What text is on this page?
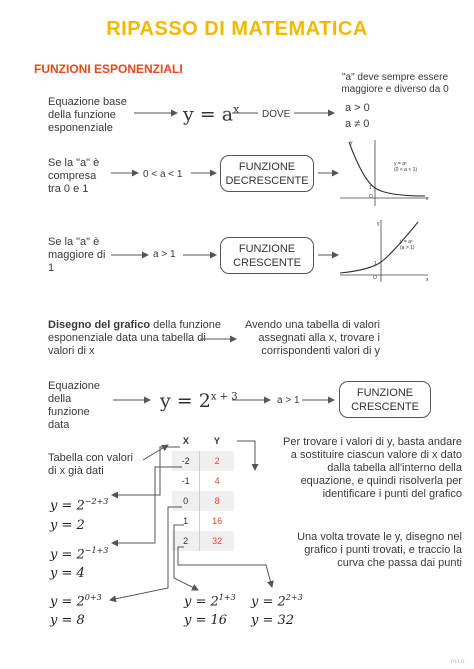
RIPASSO DI MATEMATICA
FUNZIONI ESPONENZIALI
"a" deve sempre essere maggiore e diverso da 0
a > 0
a ≠ 0
Equazione base della funzione esponenziale
$y = a^x$ DOVE
Se la "a" è compresa tra 0 e 1
0 < a < 1
FUNZIONE DECRESCENTE
Se la "a" è maggiore di 1
a > 1	FUNZIONE CRESCENTE
y = aˣ
(0 < a < 1)
y = aˣ
(a > 1)
y
x
O
1
y
x
O
1
Disegno del grafico della funzione esponenziale data una tabella di valori di x
Avendo una tabella di valori assegnati alla x, trovare i corrispondenti valori di y
Equazione della funzione data
$y = 2^{x + 3}$	a > 1
FUNZIONE CRESCENTE
Tabella con valori di x già dati
X	Y
-2	2
-1	4
0	8
1	16
2	32
Per trovare i valori di y, basta andare a sostituire ciascun valore di x dato dalla tabella all'interno della equazione, e quindi risolverla per identificare i punti del grafico
Una volta trovate le y, disegno nel grafico i punti trovati, e traccio la curva che passa dai punti
$y = 2^{-2+3}$
y = 2
$y = 2^{-1+3}$
y = 4
$y = 2^{0+3}$
y = 8
$y = 2^{1+3}$
y = 16
$y = 2^{2+3}$
y = 32
m.r.o.
